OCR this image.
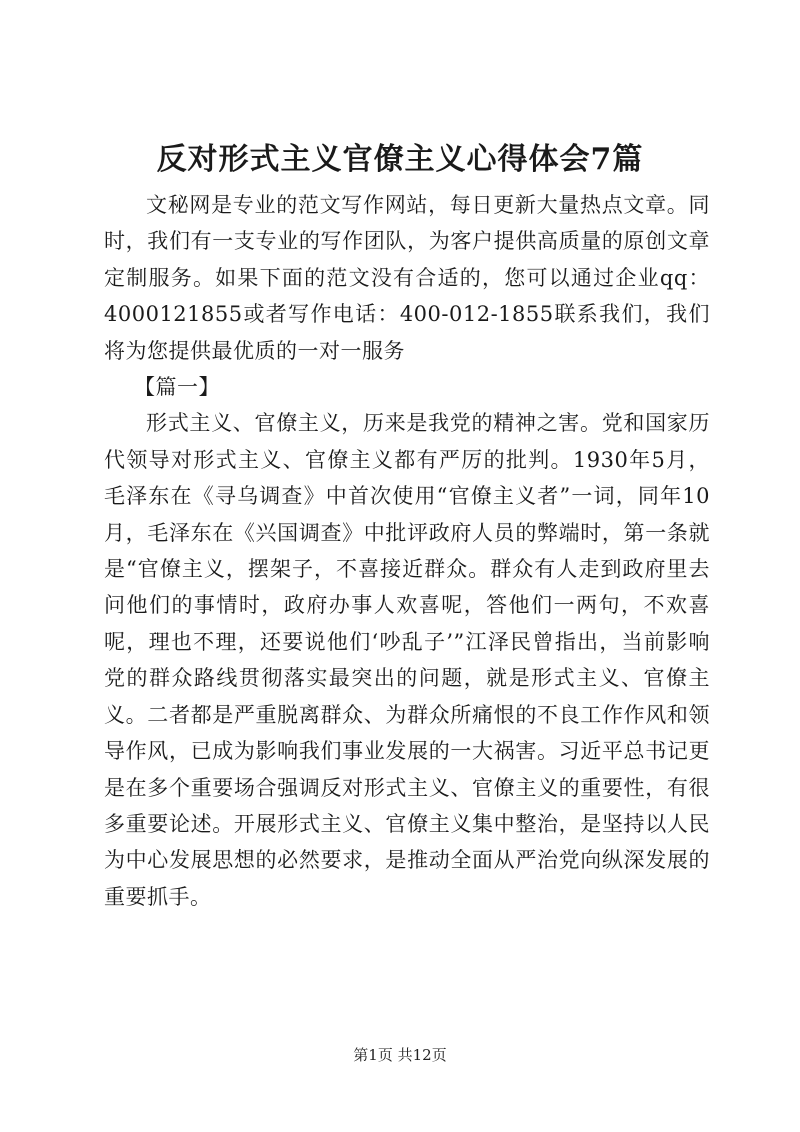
反对形式主义官僚主义心得体会7篇

文秘网是专业的范文写作网站，每日更新大量热点文章。同时，我们有一支专业的写作团队，为客户提供高质量的原创文章定制服务。如果下面的范文没有合适的，您可以通过企业qq：4000121855或者写作电话：400-012-1855联系我们，我们将为您提供最优质的一对一服务

【篇一】

形式主义、官僚主义，历来是我党的精神之害。党和国家历代领导对形式主义、官僚主义都有严厉的批判。1930年5月，毛泽东在《寻乌调查》中首次使用“官僚主义者”一词，同年10月，毛泽东在《兴国调查》中批评政府人员的弊端时，第一条就是“官僚主义，摆架子，不喜接近群众。群众有人走到政府里去问他们的事情时，政府办事人欢喜呢，答他们一两句，不欢喜呢，理也不理，还要说他们‘吵乱子’”江泽民曾指出，当前影响党的群众路线贯彻落实最突出的问题，就是形式主义、官僚主义。二者都是严重脱离群众、为群众所痛恨的不良工作作风和领导作风，已成为影响我们事业发展的一大祸害。习近平总书记更是在多个重要场合强调反对形式主义、官僚主义的重要性，有很多重要论述。开展形式主义、官僚主义集中整治，是坚持以人民为中心发展思想的必然要求，是推动全面从严治党向纵深发展的重要抓手。

第1页 共12页
